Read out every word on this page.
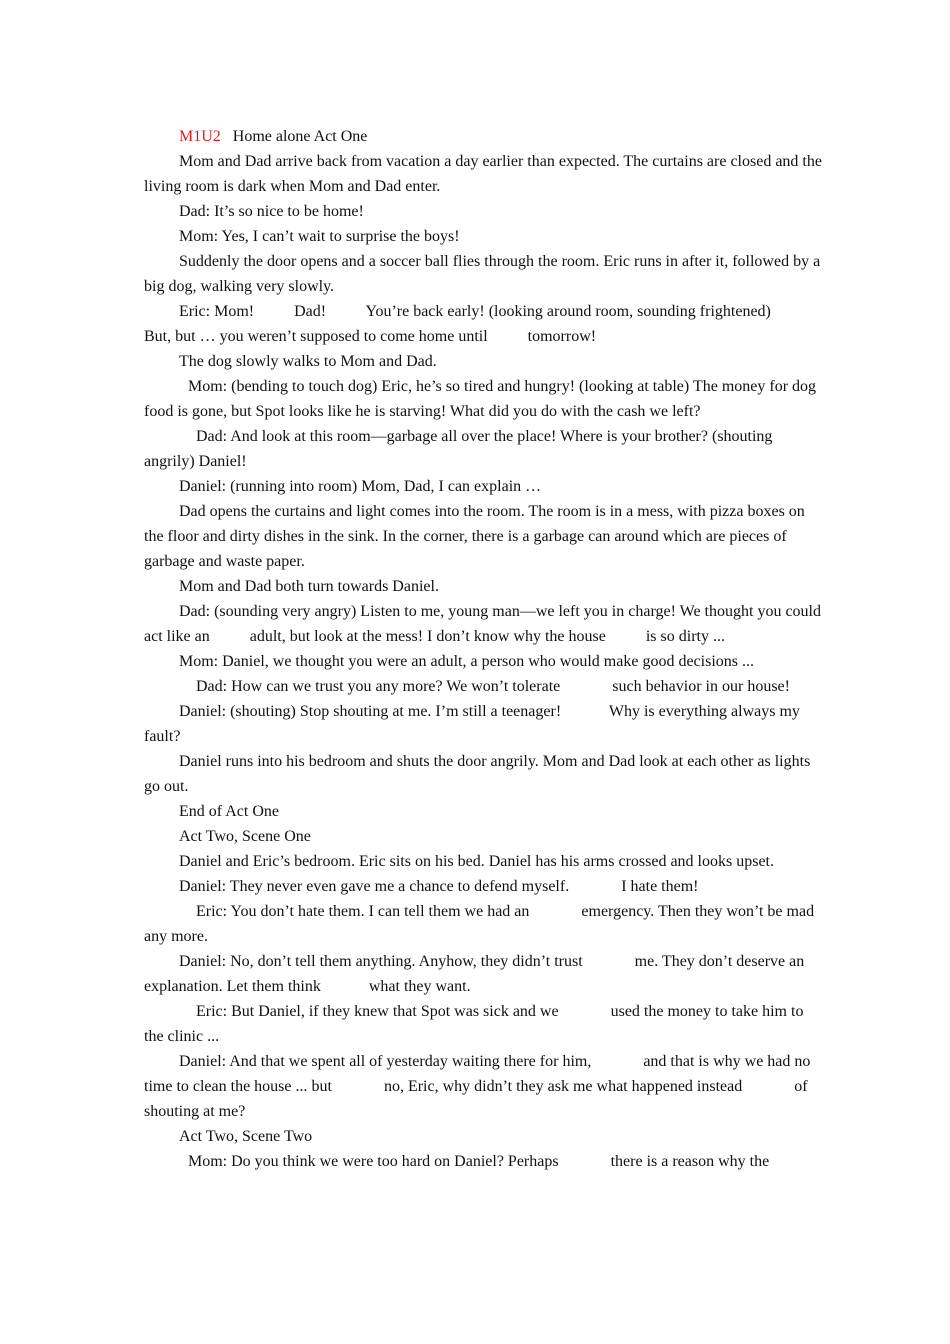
M1U2 Home alone Act One

Mom and Dad arrive back from vacation a day earlier than expected. The curtains are closed and the living room is dark when Mom and Dad enter.

Dad: It’s so nice to be home!

Mom: Yes, I can’t wait to surprise the boys!

Suddenly the door opens and a soccer ball flies through the room. Eric runs in after it, followed by a big dog, walking very slowly.

Eric: Mom!          Dad!          You’re back early! (looking around room, sounding frightened)          But, but … you weren’t supposed to come home until          tomorrow!

The dog slowly walks to Mom and Dad.

Mom: (bending to touch dog) Eric, he’s so tired and hungry! (looking at table) The money for dog food is gone, but Spot looks like he is starving! What did you do with the cash we left?

Dad: And look at this room—garbage all over the place! Where is your brother? (shouting angrily) Daniel!

Daniel: (running into room) Mom, Dad, I can explain …

Dad opens the curtains and light comes into the room. The room is in a mess, with pizza boxes on the floor and dirty dishes in the sink. In the corner, there is a garbage can around which are pieces of garbage and waste paper.

Mom and Dad both turn towards Daniel.

Dad: (sounding very angry) Listen to me, young man—we left you in charge! We thought you could act like an          adult, but look at the mess! I don’t know why the house          is so dirty ...

Mom: Daniel, we thought you were an adult, a person who would make good decisions ...

Dad: How can we trust you any more? We won’t tolerate             such behavior in our house!

Daniel: (shouting) Stop shouting at me. I’m still a teenager!            Why is everything always my fault?

Daniel runs into his bedroom and shuts the door angrily. Mom and Dad look at each other as lights go out.

End of Act One

Act Two, Scene One

Daniel and Eric’s bedroom. Eric sits on his bed. Daniel has his arms crossed and looks upset.

Daniel: They never even gave me a chance to defend myself.             I hate them!

Eric: You don’t hate them. I can tell them we had an             emergency. Then they won’t be mad any more.

Daniel: No, don’t tell them anything. Anyhow, they didn’t trust             me. They don’t deserve an explanation. Let them think            what they want.

Eric: But Daniel, if they knew that Spot was sick and we             used the money to take him to the clinic ...

Daniel: And that we spent all of yesterday waiting there for him,             and that is why we had no time to clean the house ... but             no, Eric, why didn’t they ask me what happened instead             of shouting at me?

Act Two, Scene Two

Mom: Do you think we were too hard on Daniel? Perhaps             there is a reason why the
